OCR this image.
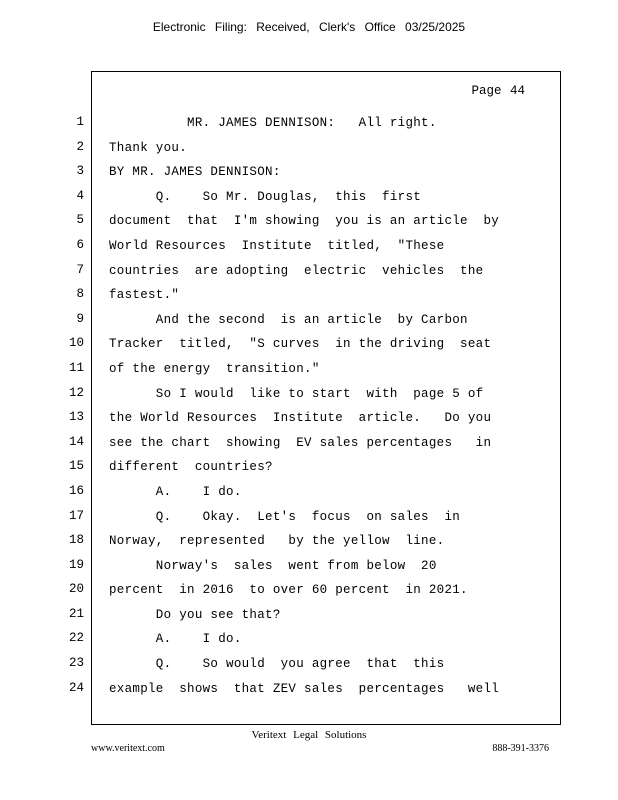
Electronic Filing: Received, Clerk's Office 03/25/2025
1
2
3
4
5
6
7
8
9
10
11
12
13
14
15
16
17
18
19
20
21
22
23
24
Page 44
MR. JAMES DENNISON:   All right.
Thank you.
BY MR. JAMES DENNISON:
Q.    So Mr. Douglas,  this  first
document  that  I'm showing  you is an article  by
World Resources  Institute  titled,  "These
countries  are adopting  electric  vehicles  the
fastest."
And the second  is an article  by Carbon
Tracker  titled,  "S curves  in the driving  seat
of the energy  transition."
So I would  like to start  with  page 5 of
the World Resources  Institute  article.   Do you
see the chart  showing  EV sales percentages   in
different  countries?
A.    I do.
Q.    Okay.  Let's  focus  on sales  in
Norway,  represented   by the yellow  line.
Norway's  sales  went from below  20
percent  in 2016  to over 60 percent  in 2021.
Do you see that?
A.    I do.
Q.    So would  you agree  that  this
example  shows  that ZEV sales  percentages   well
Veritext Legal Solutions
www.veritext.com	888-391-3376
